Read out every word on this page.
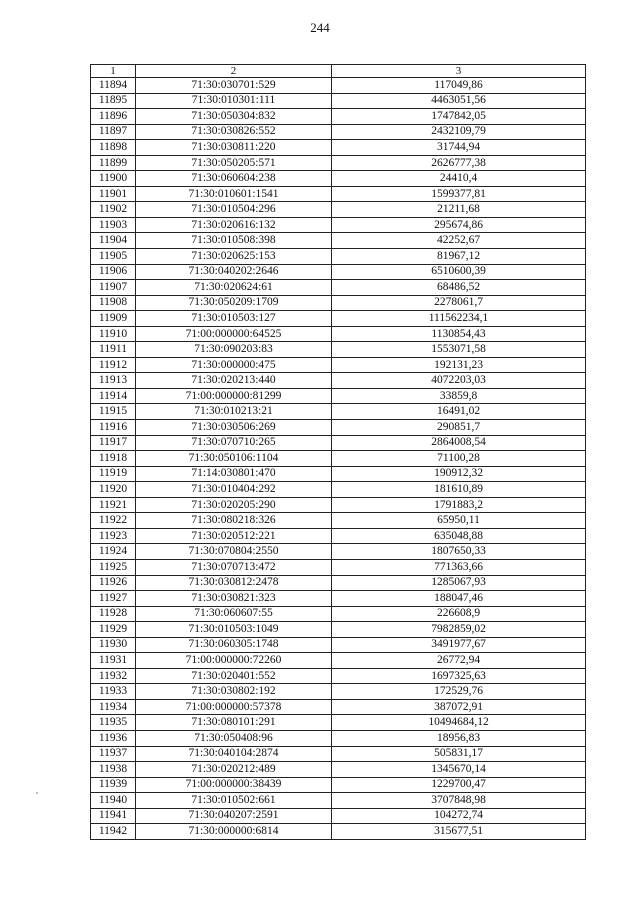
244
1	2	3
11894	71:30:030701:529	117049,86
11895	71:30:010301:111	4463051,56
11896	71:30:050304:832	1747842,05
11897	71:30:030826:552	2432109,79
11898	71:30:030811:220	31744,94
11899	71:30:050205:571	2626777,38
11900	71:30:060604:238	24410,4
11901	71:30:010601:1541	1599377,81
11902	71:30:010504:296	21211,68
11903	71:30:020616:132	295674,86
11904	71:30:010508:398	42252,67
11905	71:30:020625:153	81967,12
11906	71:30:040202:2646	6510600,39
11907	71:30:020624:61	68486,52
11908	71:30:050209:1709	2278061,7
11909	71:30:010503:127	111562234,1
11910	71:00:000000:64525	1130854,43
11911	71:30:090203:83	1553071,58
11912	71:30:000000:475	192131,23
11913	71:30:020213:440	4072203,03
11914	71:00:000000:81299	33859,8
11915	71:30:010213:21	16491,02
11916	71:30:030506:269	290851,7
11917	71:30:070710:265	2864008,54
11918	71:30:050106:1104	71100,28
11919	71:14:030801:470	190912,32
11920	71:30:010404:292	181610,89
11921	71:30:020205:290	1791883,2
11922	71:30:080218:326	65950,11
11923	71:30:020512:221	635048,88
11924	71:30:070804:2550	1807650,33
11925	71:30:070713:472	771363,66
11926	71:30:030812:2478	1285067,93
11927	71:30:030821:323	188047,46
11928	71:30:060607:55	226608,9
11929	71:30:010503:1049	7982859,02
11930	71:30:060305:1748	3491977,67
11931	71:00:000000:72260	26772,94
11932	71:30:020401:552	1697325,63
11933	71:30:030802:192	172529,76
11934	71:00:000000:57378	387072,91
11935	71:30:080101:291	10494684,12
11936	71:30:050408:96	18956,83
11937	71:30:040104:2874	505831,17
11938	71:30:020212:489	1345670,14
11939	71:00:000000:38439	1229700,47
11940	71:30:010502:661	3707848,98
11941	71:30:040207:2591	104272,74
11942	71:30:000000:6814	315677,51
